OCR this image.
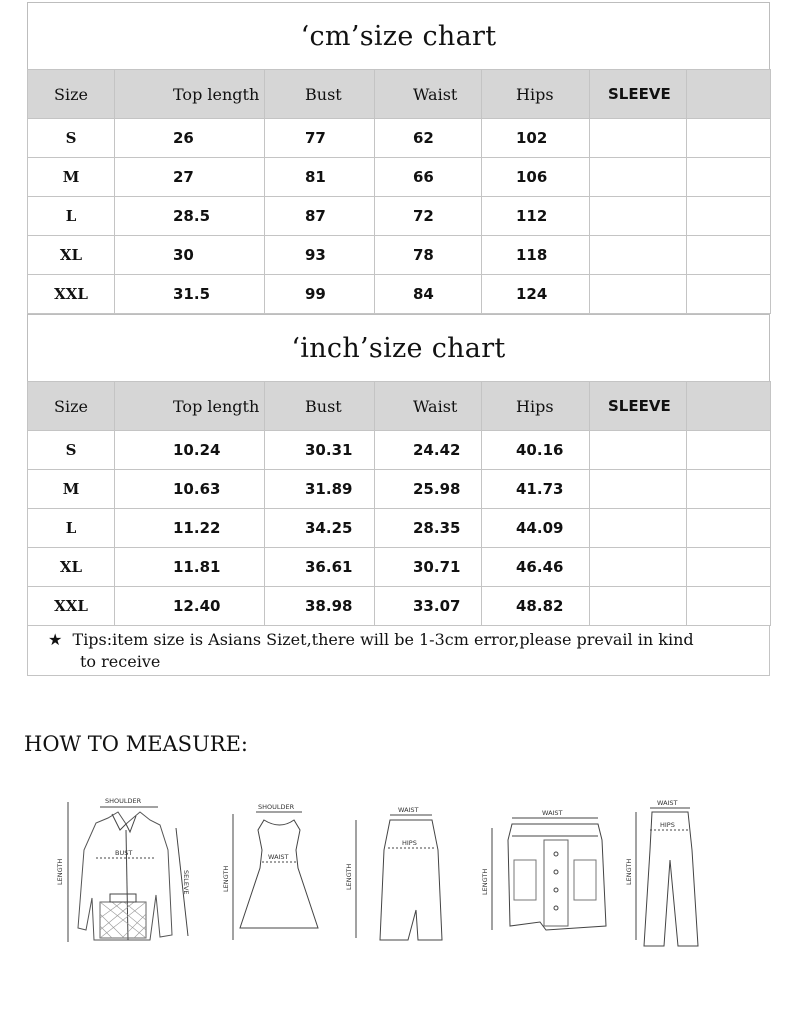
‘cm’size chart
Size	Top length	Bust	Waist	Hips	SLEEVE	
S	26	77	62	102		
M	27	81	66	106		
L	28.5	87	72	112		
XL	30	93	78	118		
XXL	31.5	99	84	124		
‘inch’size chart
Size	Top length	Bust	Waist	Hips	SLEEVE	
S	10.24	30.31	24.42	40.16		
M	10.63	31.89	25.98	41.73		
L	11.22	34.25	28.35	44.09		
XL	11.81	36.61	30.71	46.46		
XXL	12.40	38.98	33.07	48.82		
★ Tips:item size is Asians Sizet,there will be 1-3cm error,please prevail in kind
to receive
HOW TO MEASURE:
SHOULDER
LENGTH
BUST
SELEVE
SHOULDER
LENGTH
WAIST
WAIST
LENGTH
HIPS
WAIST
LENGTH
WAIST
LENGTH
HIPS
